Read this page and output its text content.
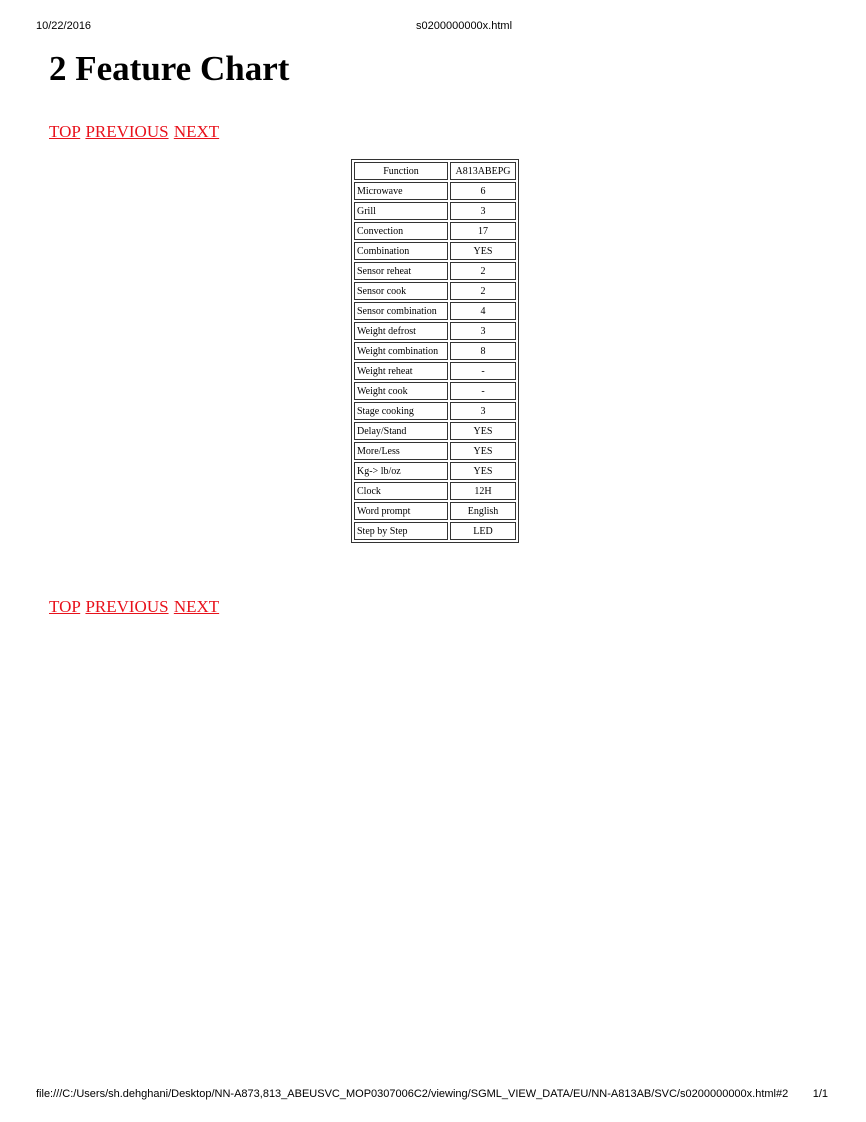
10/22/2016	s0200000000x.html
2 Feature Chart
TOP PREVIOUS NEXT
Function	A813ABEPG
Microwave	6
Grill	3
Convection	17
Combination	YES
Sensor reheat	2
Sensor cook	2
Sensor combination	4
Weight defrost	3
Weight combination	8
Weight reheat	-
Weight cook	-
Stage cooking	3
Delay/Stand	YES
More/Less	YES
Kg-> lb/oz	YES
Clock	12H
Word prompt	English
Step by Step	LED
TOP PREVIOUS NEXT
file:///C:/Users/sh.dehghani/Desktop/NN-A873,813_ABEUSVC_MOP0307006C2/viewing/SGML_VIEW_DATA/EU/NN-A813AB/SVC/s0200000000x.html#2 1/1
